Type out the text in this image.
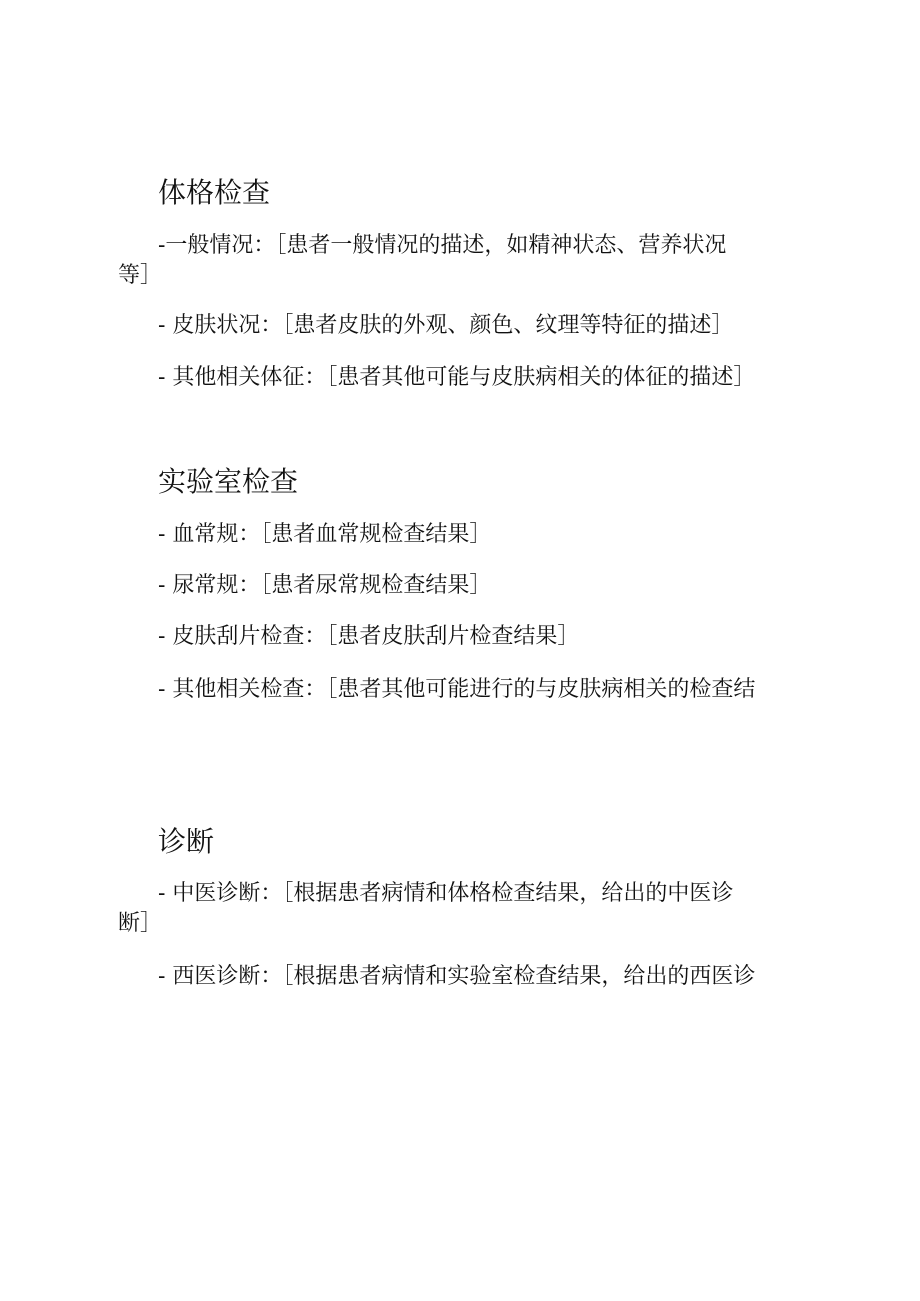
体格检查
-一般情况：［患者一般情况的描述，如精神状态、营养状况
等］
- 皮肤状况：［患者皮肤的外观、颜色、纹理等特征的描述］
- 其他相关体征：［患者其他可能与皮肤病相关的体征的描述］
实验室检查
- 血常规：［患者血常规检查结果］
- 尿常规：［患者尿常规检查结果］
- 皮肤刮片检查：［患者皮肤刮片检查结果］
- 其他相关检查：［患者其他可能进行的与皮肤病相关的检查结
诊断
- 中医诊断：［根据患者病情和体格检查结果，给出的中医诊
断］
- 西医诊断：［根据患者病情和实验室检查结果，给出的西医诊
